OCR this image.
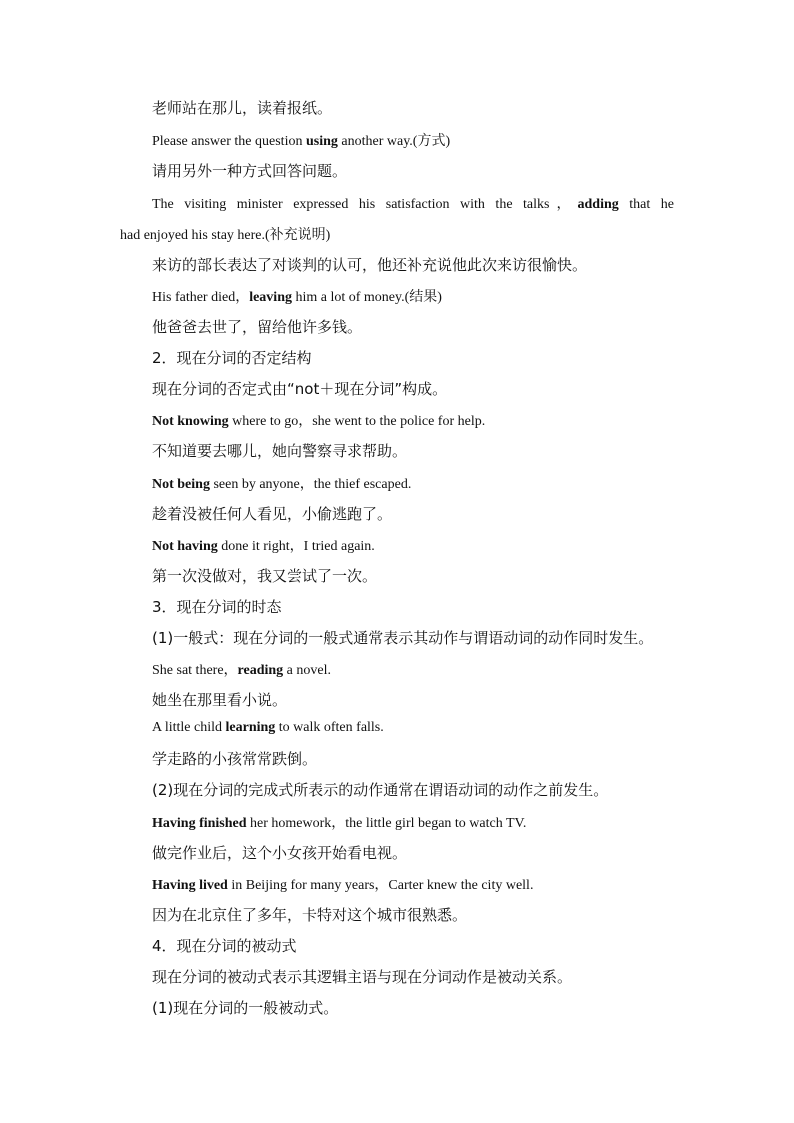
老师站在那儿，读着报纸。
Please answer the question using another way.(方式)
请用另外一种方式回答问题。
The visiting minister expressed his satisfaction with the talks，adding that he
had enjoyed his stay here.(补充说明)
来访的部长表达了对谈判的认可，他还补充说他此次来访很愉快。
His father died，leaving him a lot of money.(结果)
他爸爸去世了，留给他许多钱。
2．现在分词的否定结构
现在分词的否定式由“not＋现在分词”构成。
Not knowing where to go，she went to the police for help.
不知道要去哪儿，她向警察寻求帮助。
Not being seen by anyone，the thief escaped.
趁着没被任何人看见，小偷逃跑了。
Not having done it right，I tried again.
第一次没做对，我又尝试了一次。
3．现在分词的时态
(1)一般式：现在分词的一般式通常表示其动作与谓语动词的动作同时发生。
She sat there，reading a novel.
她坐在那里看小说。
A little child learning to walk often falls.
学走路的小孩常常跌倒。
(2)现在分词的完成式所表示的动作通常在谓语动词的动作之前发生。
Having finished her homework，the little girl began to watch TV.
做完作业后，这个小女孩开始看电视。
Having lived in Beijing for many years，Carter knew the city well.
因为在北京住了多年，卡特对这个城市很熟悉。
4．现在分词的被动式
现在分词的被动式表示其逻辑主语与现在分词动作是被动关系。
(1)现在分词的一般被动式。
